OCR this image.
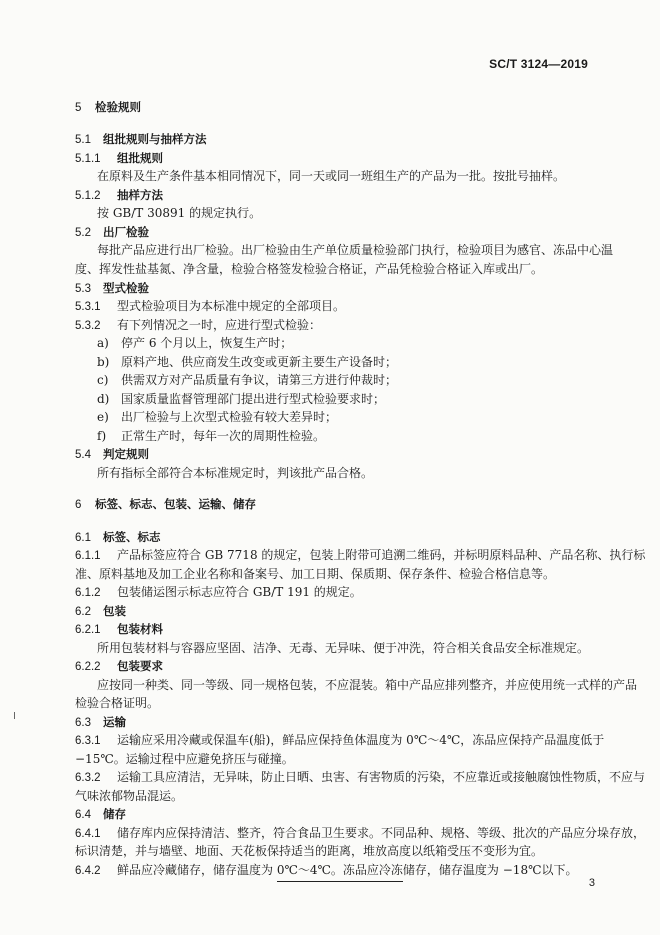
SC/T 3124—2019
5 检验规则
5.1 组批规则与抽样方法
5.1.1 组批规则
在原料及生产条件基本相同情况下，同一天或同一班组生产的产品为一批。按批号抽样。
5.1.2 抽样方法
按 GB/T 30891 的规定执行。
5.2 出厂检验
每批产品应进行出厂检验。出厂检验由生产单位质量检验部门执行，检验项目为感官、冻品中心温
度、挥发性盐基氮、净含量，检验合格签发检验合格证，产品凭检验合格证入库或出厂。
5.3 型式检验
5.3.1 型式检验项目为本标准中规定的全部项目。
5.3.2 有下列情况之一时，应进行型式检验：
a) 停产 6 个月以上，恢复生产时；
b) 原料产地、供应商发生改变或更新主要生产设备时；
c) 供需双方对产品质量有争议，请第三方进行仲裁时；
d) 国家质量监督管理部门提出进行型式检验要求时；
e) 出厂检验与上次型式检验有较大差异时；
f) 正常生产时，每年一次的周期性检验。
5.4 判定规则
所有指标全部符合本标准规定时，判该批产品合格。
6 标签、标志、包装、运输、储存
6.1 标签、标志
6.1.1 产品标签应符合 GB 7718 的规定，包装上附带可追溯二维码，并标明原料品种、产品名称、执行标
准、原料基地及加工企业名称和备案号、加工日期、保质期、保存条件、检验合格信息等。
6.1.2 包装储运图示标志应符合 GB/T 191 的规定。
6.2 包装
6.2.1 包装材料
所用包装材料与容器应坚固、洁净、无毒、无异味、便于冲洗，符合相关食品安全标准规定。
6.2.2 包装要求
应按同一种类、同一等级、同一规格包装，不应混装。箱中产品应排列整齐，并应使用统一式样的产品
检验合格证明。
6.3 运输
6.3.1 运输应采用冷藏或保温车(船)，鲜品应保持鱼体温度为 0℃～4℃，冻品应保持产品温度低于
−15℃。运输过程中应避免挤压与碰撞。
6.3.2 运输工具应清洁，无异味，防止日晒、虫害、有害物质的污染，不应靠近或接触腐蚀性物质，不应与
气味浓郁物品混运。
6.4 储存
6.4.1 储存库内应保持清洁、整齐，符合食品卫生要求。不同品种、规格、等级、批次的产品应分垛存放，
标识清楚，并与墙壁、地面、天花板保持适当的距离，堆放高度以纸箱受压不变形为宜。
6.4.2 鲜品应冷藏储存，储存温度为 0℃～4℃。冻品应冷冻储存，储存温度为 −18℃以下。
3
